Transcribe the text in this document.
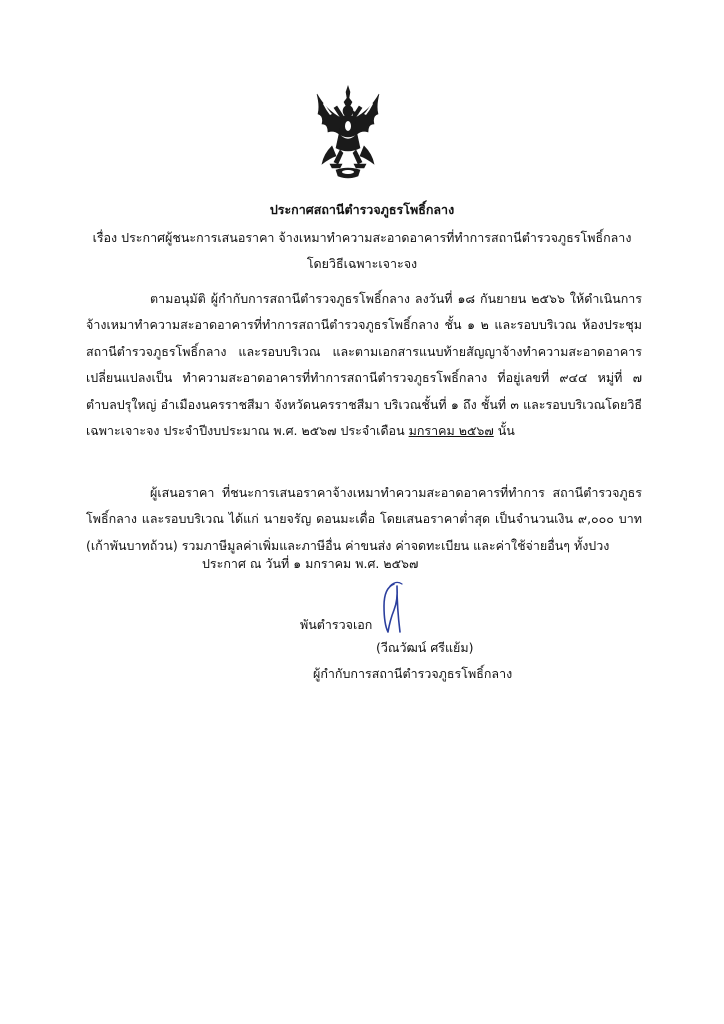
ประกาศสถานีตำรวจภูธรโพธิ์กลาง
เรื่อง ประกาศผู้ชนะการเสนอราคา จ้างเหมาทำความสะอาดอาคารที่ทำการสถานีตำรวจภูธรโพธิ์กลาง
โดยวิธีเฉพาะเจาะจง

ตามอนุมัติ ผู้กำกับการสถานีตำรวจภูธรโพธิ์กลาง ลงวันที่ ๑๘ กันยายน ๒๕๖๖ ให้ดำเนินการจ้างเหมาทำความสะอาดอาคารที่ทำการสถานีตำรวจภูธรโพธิ์กลาง ชั้น ๑ ๒ และรอบบริเวณ ห้องประชุมสถานีตำรวจภูธรโพธิ์กลาง และรอบบริเวณ และตามเอกสารแนบท้ายสัญญาจ้างทำความสะอาดอาคาร เปลี่ยนแปลงเป็น ทำความสะอาดอาคารที่ทำการสถานีตำรวจภูธรโพธิ์กลาง ที่อยู่เลขที่ ๙๔๔ หมู่ที่ ๗ ตำบลปรุใหญ่ อำเมืองนครราชสีมา จังหวัดนครราชสีมา บริเวณชั้นที่ ๑ ถึง ชั้นที่ ๓ และรอบบริเวณโดยวิธีเฉพาะเจาะจง ประจำปีงบประมาณ พ.ศ. ๒๕๖๗ ประจำเดือน มกราคม ๒๕๖๗ นั้น

ผู้เสนอราคา ที่ชนะการเสนอราคาจ้างเหมาทำความสะอาดอาคารที่ทำการ สถานีตำรวจภูธรโพธิ์กลาง และรอบบริเวณ ได้แก่ นายจรัญ ดอนมะเดื่อ โดยเสนอราคาต่ำสุด เป็นจำนวนเงิน ๙,๐๐๐ บาท (เก้าพันบาทถ้วน) รวมภาษีมูลค่าเพิ่มและภาษีอื่น ค่าขนส่ง ค่าจดทะเบียน และค่าใช้จ่ายอื่นๆ ทั้งปวง

ประกาศ ณ วันที่ ๑ มกราคม พ.ศ. ๒๕๖๗
พันตำรวจเอก
(วีณวัฒน์ ศรีแย้ม)
ผู้กำกับการสถานีตำรวจภูธรโพธิ์กลาง
